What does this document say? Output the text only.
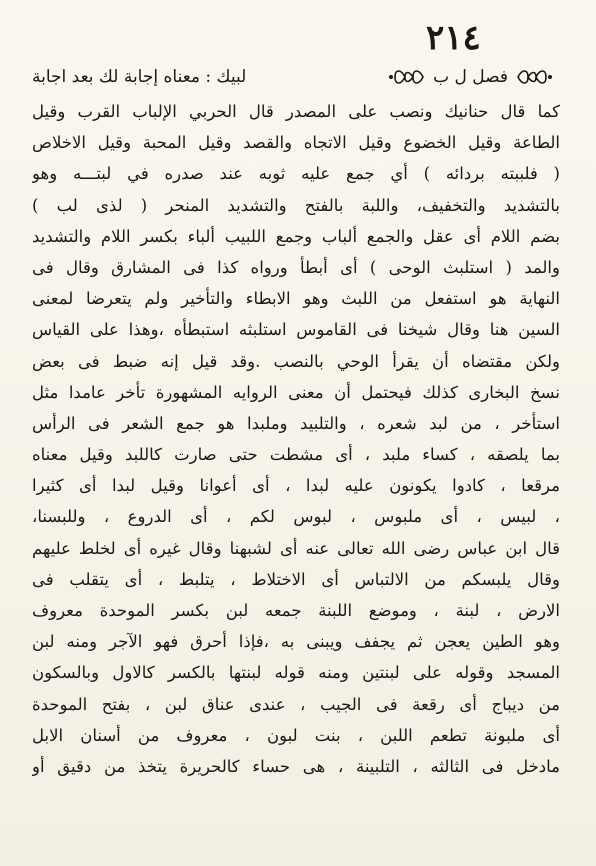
٢١٤
فصل ل ب
لبيك : معناه إجابة لك بعد اجابة
كما قال حنانيك ونصب على المصدر قال الحربي الإلباب القرب وقيل
الطاعة وقيل الخضوع وقيل الاتجاه والقصد وقيل المحبة وقيل الاخلاص
( فلببته بردائه ) أي جمع عليه ثوبه عند صدره في لبتـــه وهو
بالتشديد والتخفيف، واللبة بالفتح والتشديد المنحر ( لذى لب )
بضم اللام أى عقل والجمع ألباب وجمع اللبيب ألباء بكسر اللام والتشديد
والمد ( استلبث الوحى ) أى أبطأ ورواه كذا فى المشارق وقال فى
النهاية هو استفعل من اللبث وهو الابطاء والتأخير ولم يتعرضا لمعنى
السين هنا وقال شيخنا فى القاموس استلبثه استبطأه ،وهذا على القياس
ولكن مقتضاه أن يقرأ الوحي بالنصب .وقد قيل إنه ضبط فى بعض
نسخ البخارى كذلك فيحتمل أن معنى الروايه المشهورة تأخر عامدا مثل
استأخر ، من لبد شعره ، والتلبيد وملبدا هو جمع الشعر فى الرأس
بما يلصقه ، كساء ملبد ، أى مشطت حتى صارت كاللبد وقيل معناه
مرقعا ، كادوا يكونون عليه لبدا ، أى أعوانا وقيل لبدا أى كثيرا
، لبيس ، أى ملبوس ، لبوس لكم ، أى الدروع ، وللبسنا،
قال ابن عباس رضى الله تعالى عنه أى لشبهنا وقال غيره أى لخلط عليهم
وقال يلبسكم من الالتباس أى الاختلاط ، يتلبط ، أى يتقلب فى
الارض ، لبنة ، وموضع اللبنة جمعه لبن بكسر الموحدة معروف
وهو الطين يعجن ثم يجفف ويبنى به ،فإذا أحرق فهو الآجر ومنه لبن
المسجد وقوله على لبنتين ومنه قوله لبنتها بالكسر كالاول وبالسكون
من ديباج أى رقعة فى الجيب ، عندى عناق لبن ، بفتح الموحدة
أى ملبونة تطعم اللبن ، بنت لبون ، معروف من أسنان الابل
مادخل فى الثالثه ، التلبينة ، هى حساء كالحريرة يتخذ من دقيق أو
